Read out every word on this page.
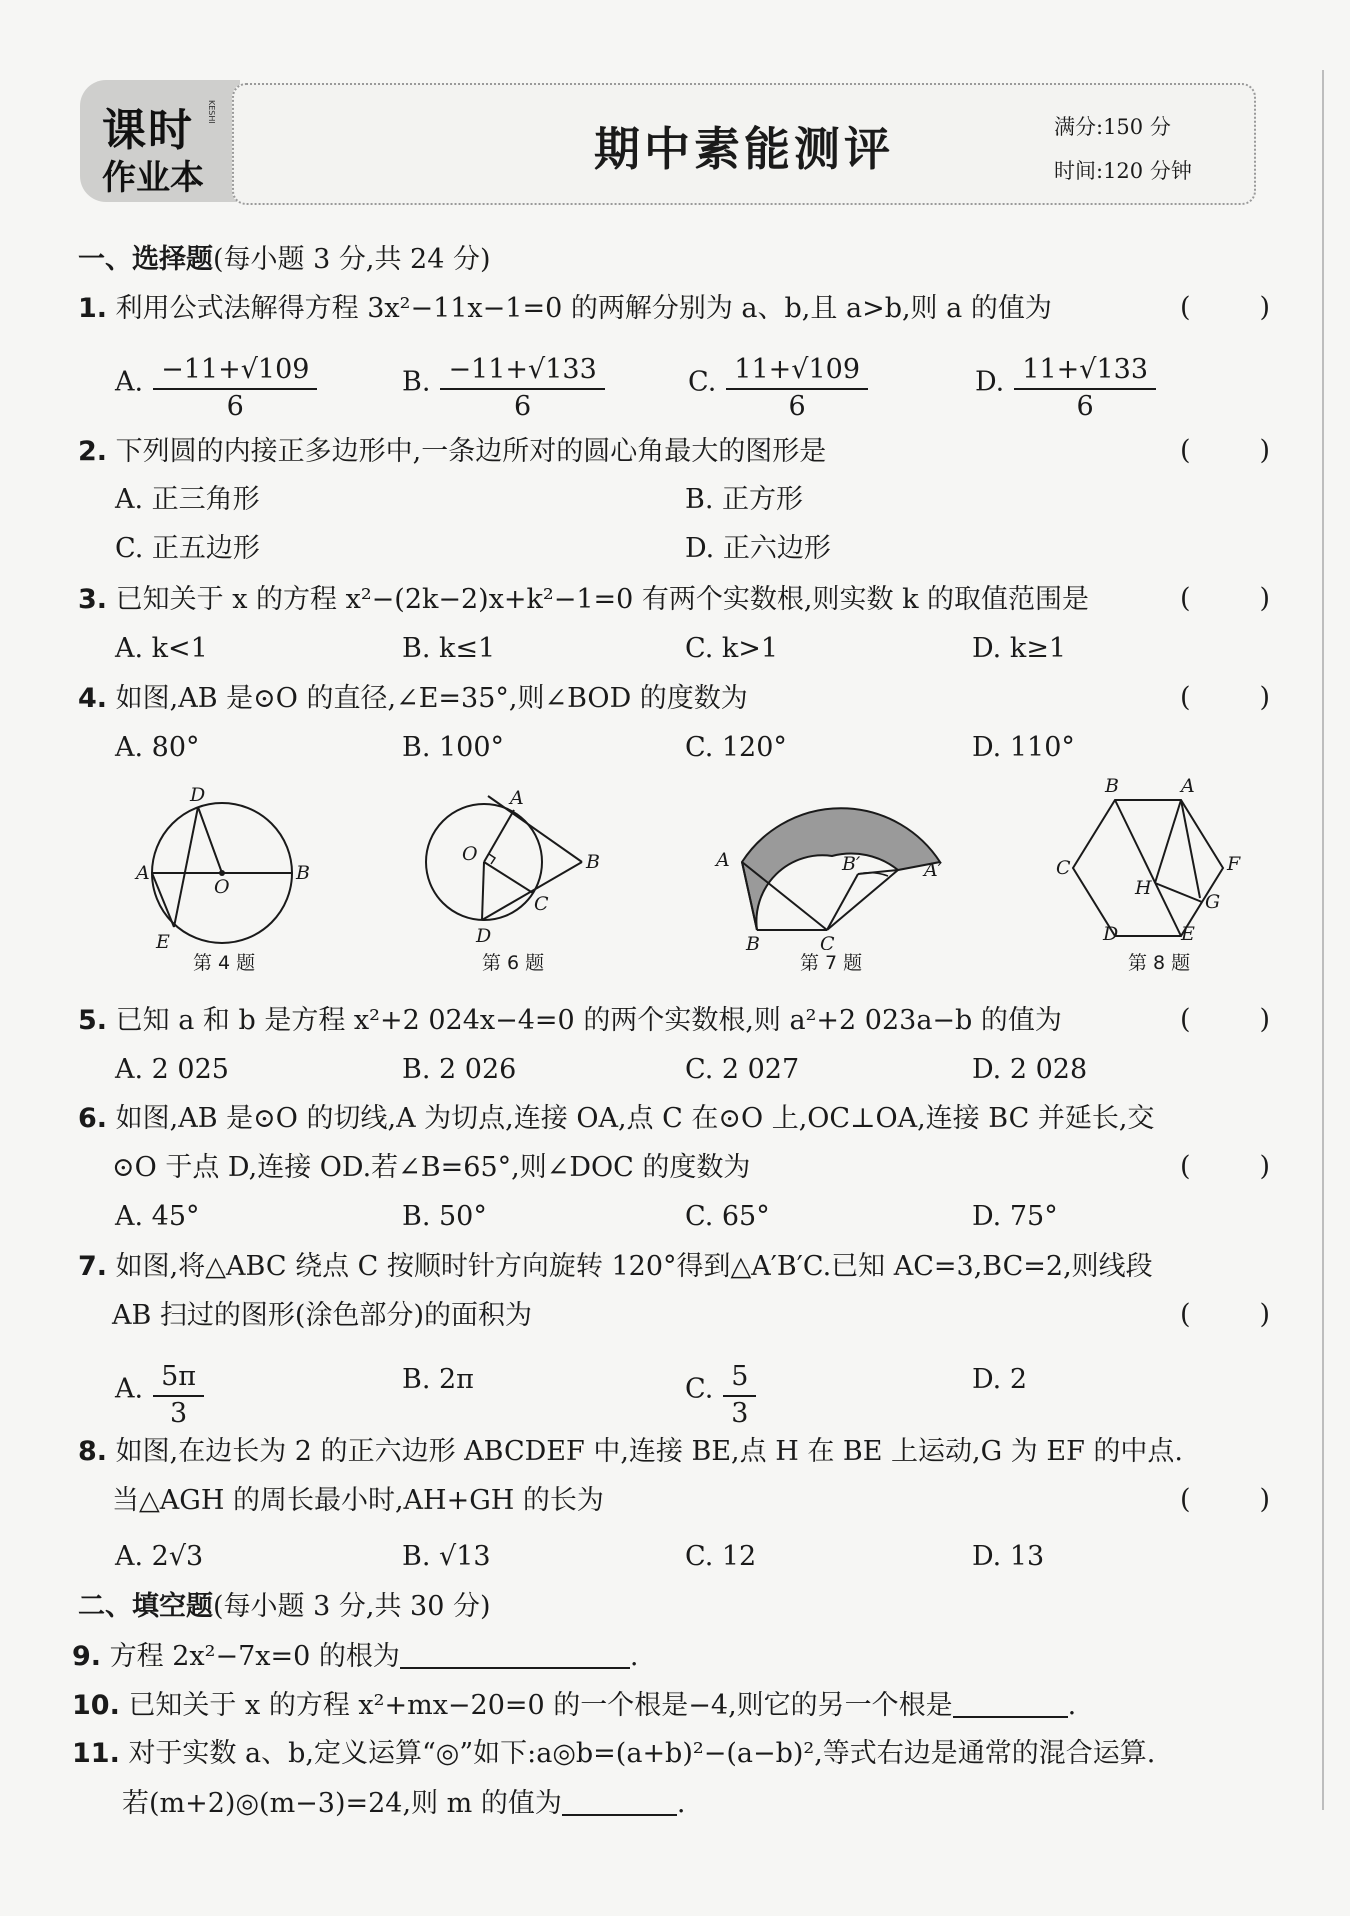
课时 KESHI
作业本
期中素能测评	满分:150 分
时间:120 分钟
一、选择题(每小题 3 分,共 24 分)
1. 利用公式法解得方程 3x²−11x−1=0 的两解分别为 a、b,且 a>b,则 a 的值为	(	)
A. $\frac{-11+√109}{6}$	B. $\frac{-11+√133}{6}$	C. $\frac{11+√109}{6}$	D. $\frac{11+√133}{6}$
2. 下列圆的内接正多边形中,一条边所对的圆心角最大的图形是	(	)
A. 正三角形	B. 正方形
C. 正五边形	D. 正六边形
3. 已知关于 x 的方程 x²−(2k−2)x+k²−1=0 有两个实数根,则实数 k 的取值范围是	(	)
A. k<1	B. k≤1	C. k>1	D. k≥1
4. 如图,AB 是⊙O 的直径,∠E=35°,则∠BOD 的度数为	(	)
A. 80°	B. 100°	C. 120°	D. 110°
D
A
O
B
E
第 4 题
A
O	B
C
D
第 6 题
A	B′	A′
B	C
第 7 题
B	A
C	F
H
G
D	E
第 8 题
5. 已知 a 和 b 是方程 x²+2 024x−4=0 的两个实数根,则 a²+2 023a−b 的值为	(	)
A. 2 025	B. 2 026	C. 2 027	D. 2 028
6. 如图,AB 是⊙O 的切线,A 为切点,连接 OA,点 C 在⊙O 上,OC⊥OA,连接 BC 并延长,交
⊙O 于点 D,连接 OD.若∠B=65°,则∠DOC 的度数为	(	)
A. 45°	B. 50°	C. 65°	D. 75°
7. 如图,将△ABC 绕点 C 按顺时针方向旋转 120°得到△A′B′C.已知 AC=3,BC=2,则线段
AB 扫过的图形(涂色部分)的面积为	(	)
A. $\frac{5\pi}{3}$	B. 2π	C. $\frac{5}{3}$	D. 2
8. 如图,在边长为 2 的正六边形 ABCDEF 中,连接 BE,点 H 在 BE 上运动,G 为 EF 的中点.
当△AGH 的周长最小时,AH+GH 的长为	(	)
A. 2√3	B. √13	C. 12	D. 13
二、填空题(每小题 3 分,共 30 分)
9. 方程 2x²−7x=0 的根为	.
10. 已知关于 x 的方程 x²+mx−20=0 的一个根是−4,则它的另一个根是	.
11. 对于实数 a、b,定义运算“◎”如下:a◎b=(a+b)²−(a−b)²,等式右边是通常的混合运算.
若(m+2)◎(m−3)=24,则 m 的值为	.
